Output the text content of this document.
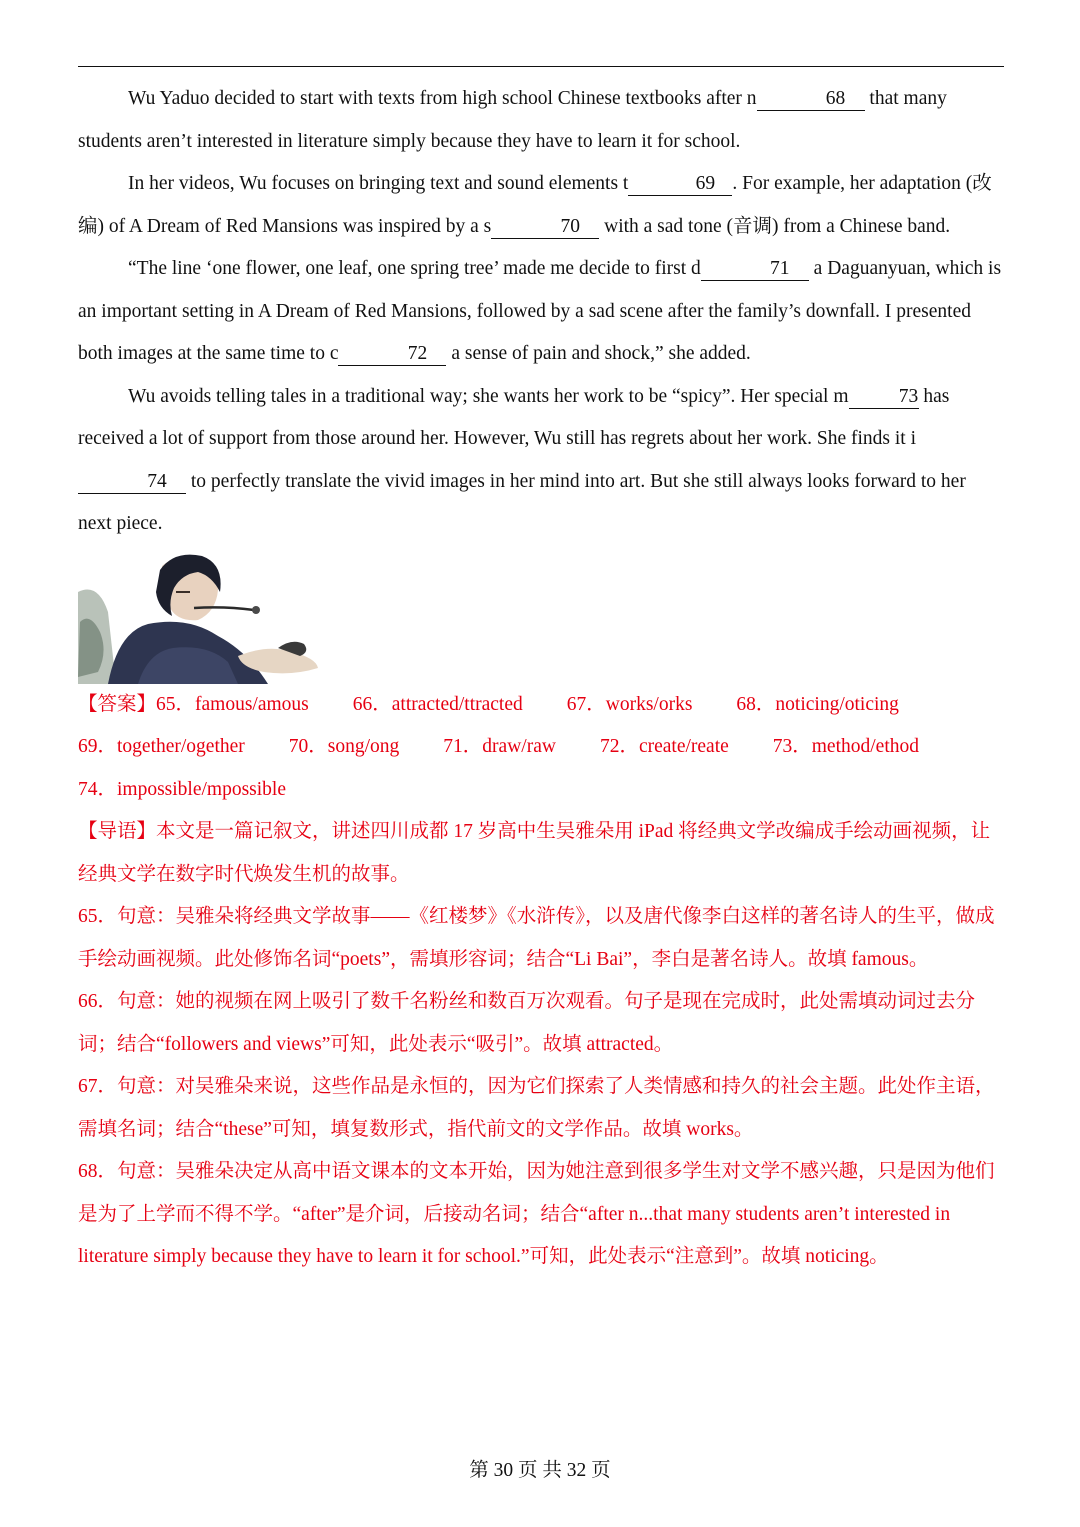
Wu Yaduo decided to start with texts from high school Chinese textbooks after n	68 that many students aren’t interested in literature simply because they have to learn it for school.

In her videos, Wu focuses on bringing text and sound elements t	69 . For example, her adaptation (改编) of A Dream of Red Mansions was inspired by a s	70 with a sad tone (音调) from a Chinese band.

“The line ‘one flower, one leaf, one spring tree’ made me decide to first d	71 a Daguanyuan, which is an important setting in A Dream of Red Mansions, followed by a sad scene after the family’s downfall. I presented both images at the same time to c	72 a sense of pain and shock,” she added.

Wu avoids telling tales in a traditional way; she wants her work to be “spicy”. Her special m	73 has received a lot of support from those around her. However, Wu still has regrets about her work. She finds it i74 to perfectly translate the vivid images in her mind into art. But she still always looks forward to her next piece.

【答案】 65．famous/amous 66．attracted/ttracted 67．works/orks 68．noticing/oticing
69．together/ogether 70．song/ong 71．draw/raw 72．create/reate 73．method/ethod
74．impossible/mpossible

【导语】本文是一篇记叙文，讲述四川成都 17 岁高中生吴雅朵用 iPad 将经典文学改编成手绘动画视频，让经典文学在数字时代焕发生机的故事。

65．句意：吴雅朵将经典文学故事——《红楼梦》《水浒传》，以及唐代像李白这样的著名诗人的生平，做成手绘动画视频。此处修饰名词“poets”，需填形容词；结合“Li Bai”，李白是著名诗人。故填 famous。

66．句意：她的视频在网上吸引了数千名粉丝和数百万次观看。句子是现在完成时，此处需填动词过去分词；结合“followers and views”可知，此处表示“吸引”。故填 attracted。

67．句意：对吴雅朵来说，这些作品是永恒的，因为它们探索了人类情感和持久的社会主题。此处作主语，需填名词；结合“these”可知，填复数形式，指代前文的文学作品。故填 works。

68．句意：吴雅朵决定从高中语文课本的文本开始，因为她注意到很多学生对文学不感兴趣，只是因为他们是为了上学而不得不学。“after”是介词，后接动名词；结合“after n...that many students aren’t interested in literature simply because they have to learn it for school.”可知，此处表示“注意到”。故填 noticing。

第 30 页 共 32 页
